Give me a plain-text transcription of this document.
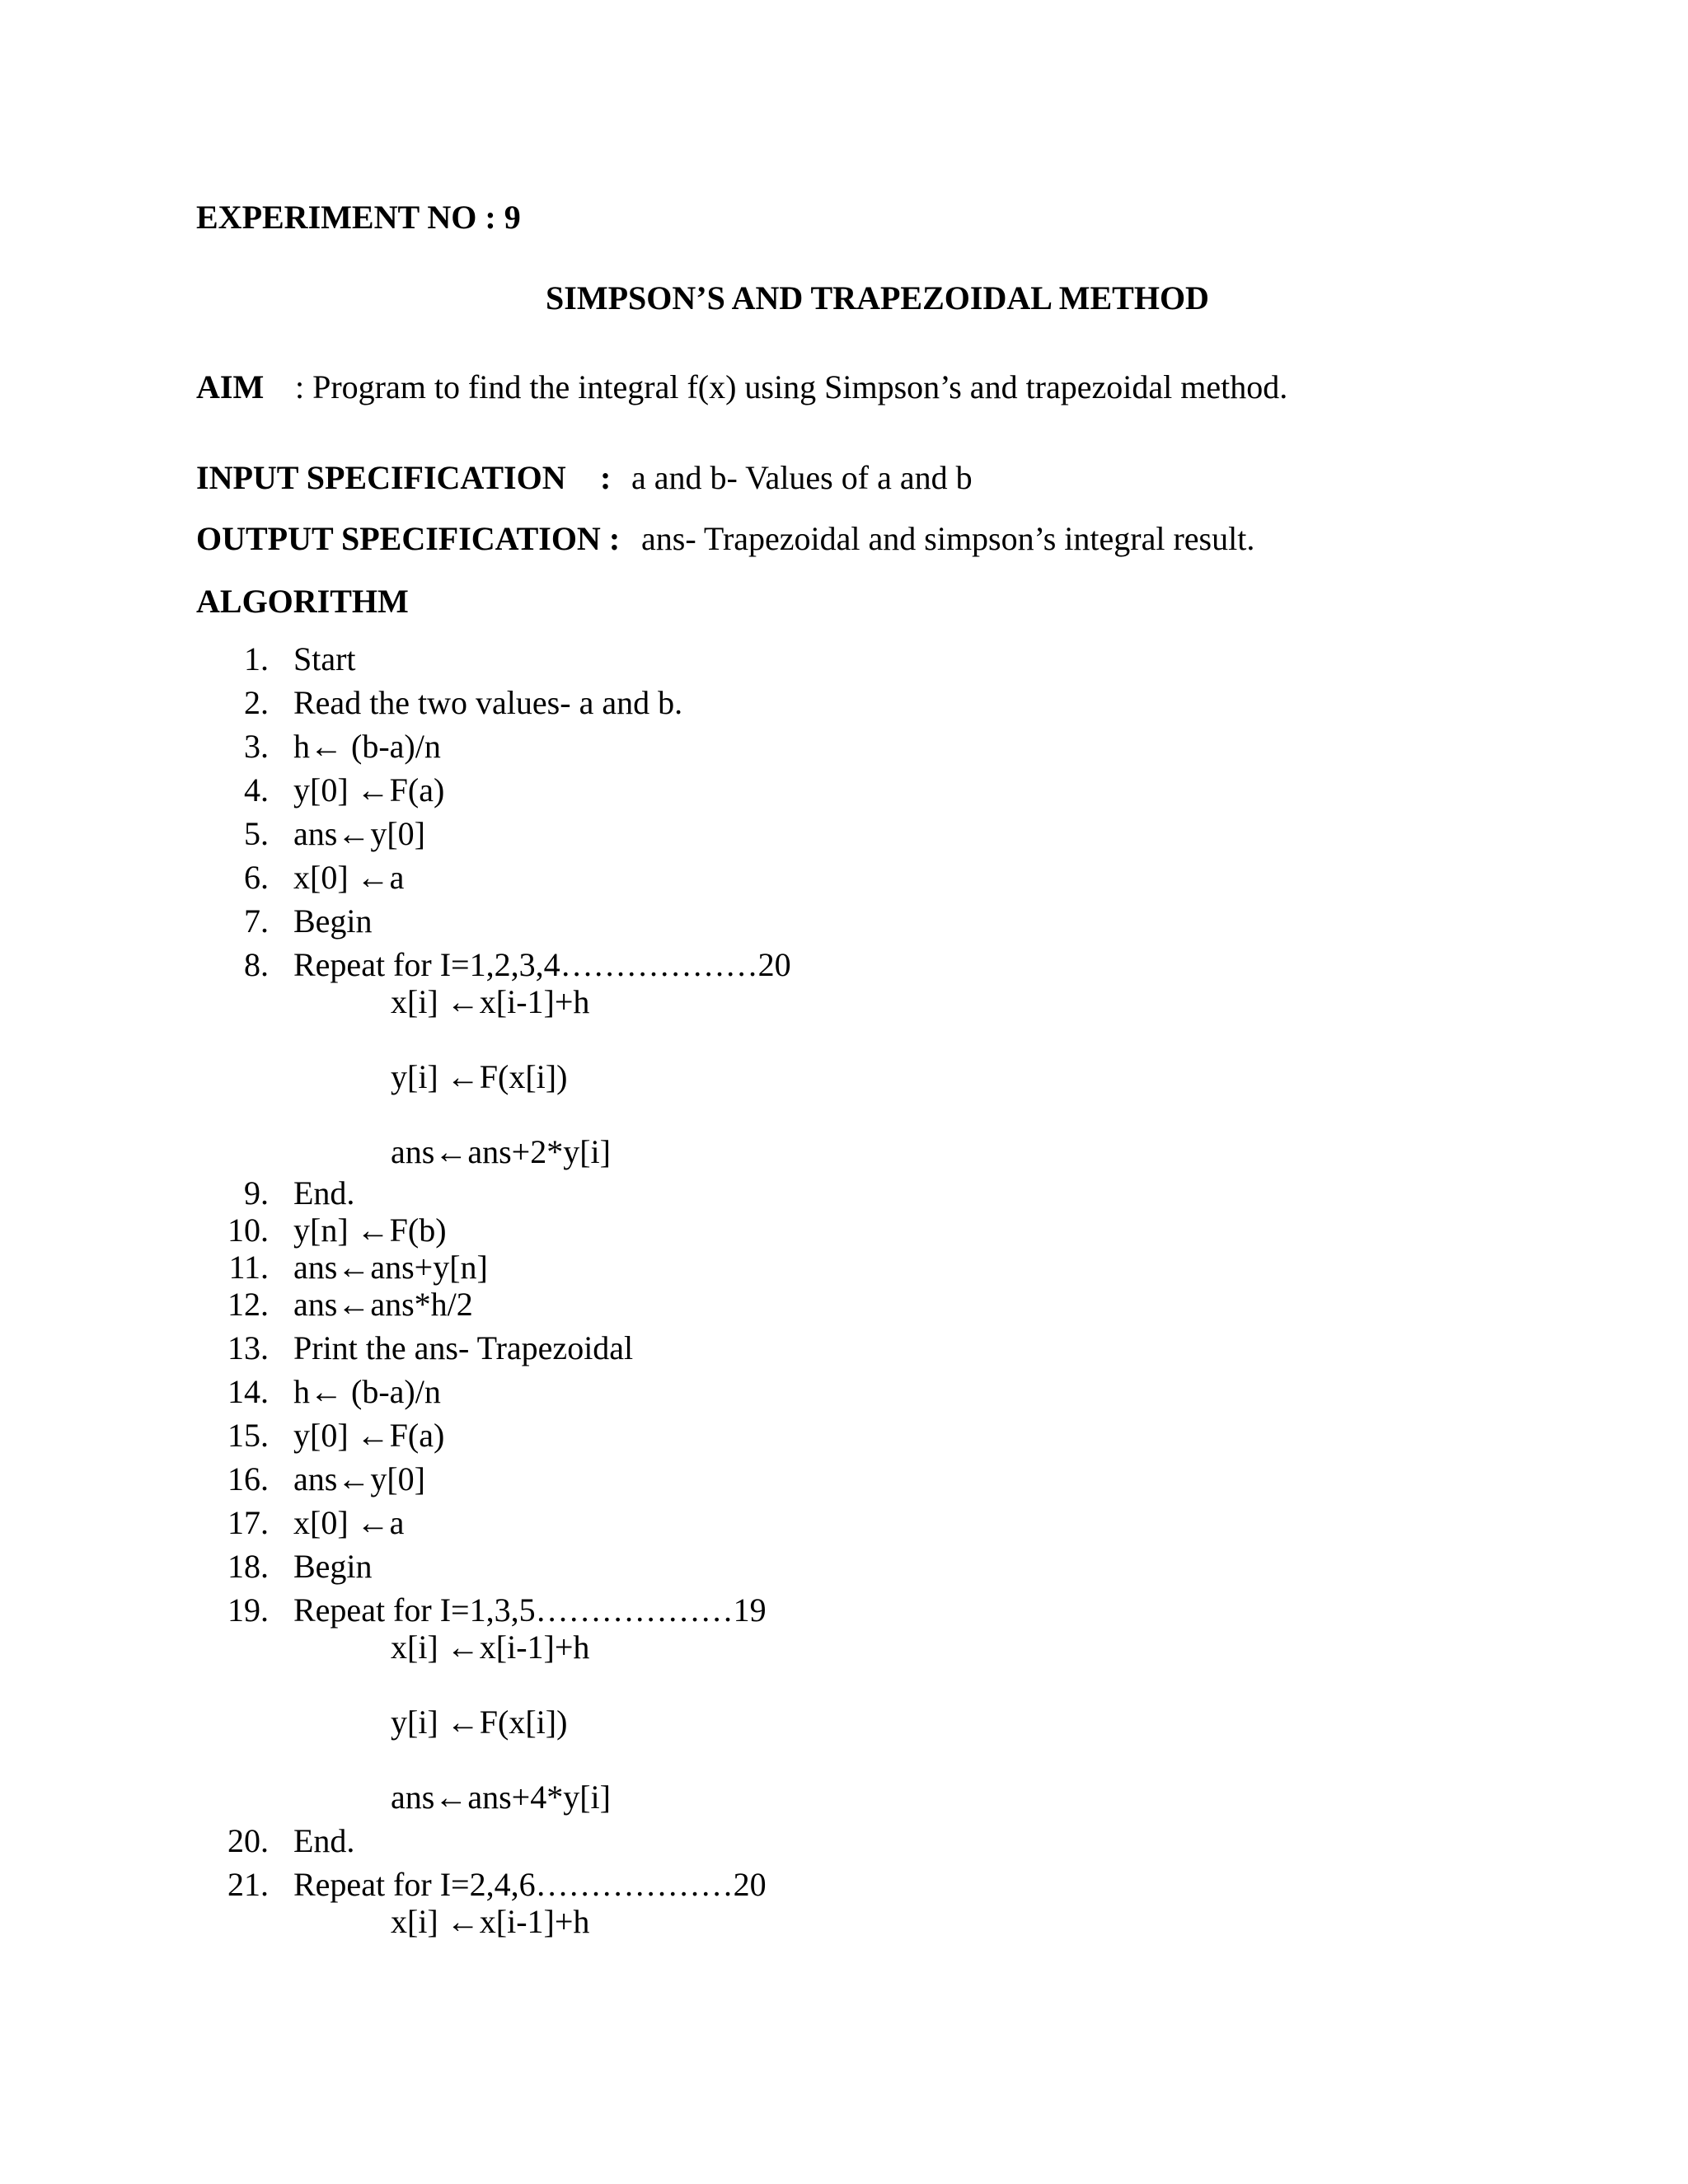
EXPERIMENT NO : 9
SIMPSON’S AND TRAPEZOIDAL METHOD
AIM : Program to find the integral f(x) using Simpson’s and trapezoidal method.
INPUT SPECIFICATION : a and b- Values of a and b
OUTPUT SPECIFICATION : ans- Trapezoidal and simpson’s integral result.
ALGORITHM
1. Start
2. Read the two values- a and b.
3. h← (b-a)/n
4. y[0] ←F(a)
5. ans←y[0]
6. x[0] ←a
7. Begin
8. Repeat for I=1,2,3,4………………20
x[i] ←x[i-1]+h
y[i] ←F(x[i])
ans←ans+2*y[i]
9. End.
10. y[n] ←F(b)
11. ans←ans+y[n]
12. ans←ans*h/2
13. Print the ans- Trapezoidal
14. h← (b-a)/n
15. y[0] ←F(a)
16. ans←y[0]
17. x[0] ←a
18. Begin
19. Repeat for I=1,3,5………………19
x[i] ←x[i-1]+h
y[i] ←F(x[i])
ans←ans+4*y[i]
20. End.
21. Repeat for I=2,4,6………………20
x[i] ←x[i-1]+h
